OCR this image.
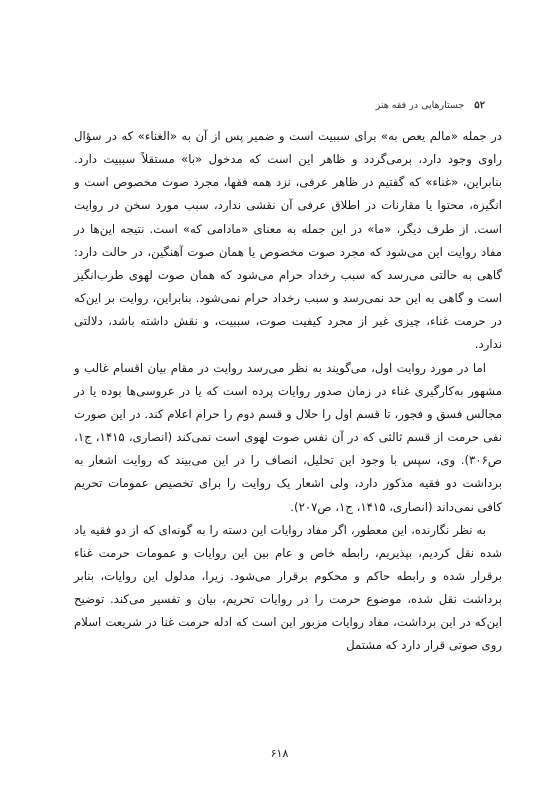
۵۲
جستارهایی در فقه هنر

در جمله «مالم یعص به» برای سببیت است و ضمیر پس از آن به «الغناء» که در سؤال راوی وجود دارد، برمی‌گردد و ظاهر این است که مدخول «با» مستقلاً سببیت دارد. بنابراین، «غناء» که گفتیم در ظاهر عرفی، نزد همه فقها، مجرد صوت مخصوص است و انگیزه، محتوا یا مقارنات در اطلاق عرفی آن نقشی ندارد، سبب مورد سخن در روایت است. از طرف دیگر، «ما» در این جمله به معنای «مادامی که» است. نتیجه این‌ها در مفاد روایت این می‌شود که مجرد صوت مخصوص یا همان صوت آهنگین، در حالت دارد: گاهی به حالتی می‌رسد که سبب رخداد حرام می‌شود که همان صوت لهوی طرب‌انگیز است و گاهی به این حد نمی‌رسد و سبب رخداد حرام نمی‌شود. بنابراین، روایت بر این‌که در حرمت غناء، چیزی غیر از مجرد کیفیت صوت، سببیت، و نقش داشته باشد، دلالتی ندارد.

اما در مورد روایت اول، می‌گویند به نظر می‌رسد روایت در مقام بیان اقسام غالب و مشهور به‌کارگیری غناء در زمان صدور روایات پرده است که یا در عروسی‌ها بوده یا در مجالس فسق و فجور، تا قسم اول را حلال و قسم دوم را حرام اعلام کند. در این صورت نفی حرمت از قسم ثالثی که در آن نفس صوت لهوی است نمی‌کند (انصاری، ۱۴۱۵، ج۱، ص۳۰۶). وی، سپس با وجود این تحلیل، انصاف را در این می‌بیند که روایت اشعار به برداشت دو فقیه مذکور دارد، ولی اشعار یک روایت را برای تخصیص عمومات تحریم کافی نمی‌داند (انصاری، ۱۴۱۵، ج۱، ص۲۰۷).

به نظر نگارنده، این معطور، اگر مفاد روایات این دسته را به گونه‌ای که از دو فقیه یاد شده نقل کردیم، بپذیریم، رابطه خاص و عام بین این روایات و عمومات حرمت غناء برقرار شده و رابطه حاکم و محکوم برقرار می‌شود. زیرا، مدلول این روایات، بنابر برداشت نقل شده، موضوع حرمت را در روایات تحریم، بیان و تفسیر می‌کند. توضیح این‌که در این برداشت، مفاد روایات مزبور این است که ادله حرمت غنا در شریعت اسلام روی صوتی قرار دارد که مشتمل

۶۱۸
